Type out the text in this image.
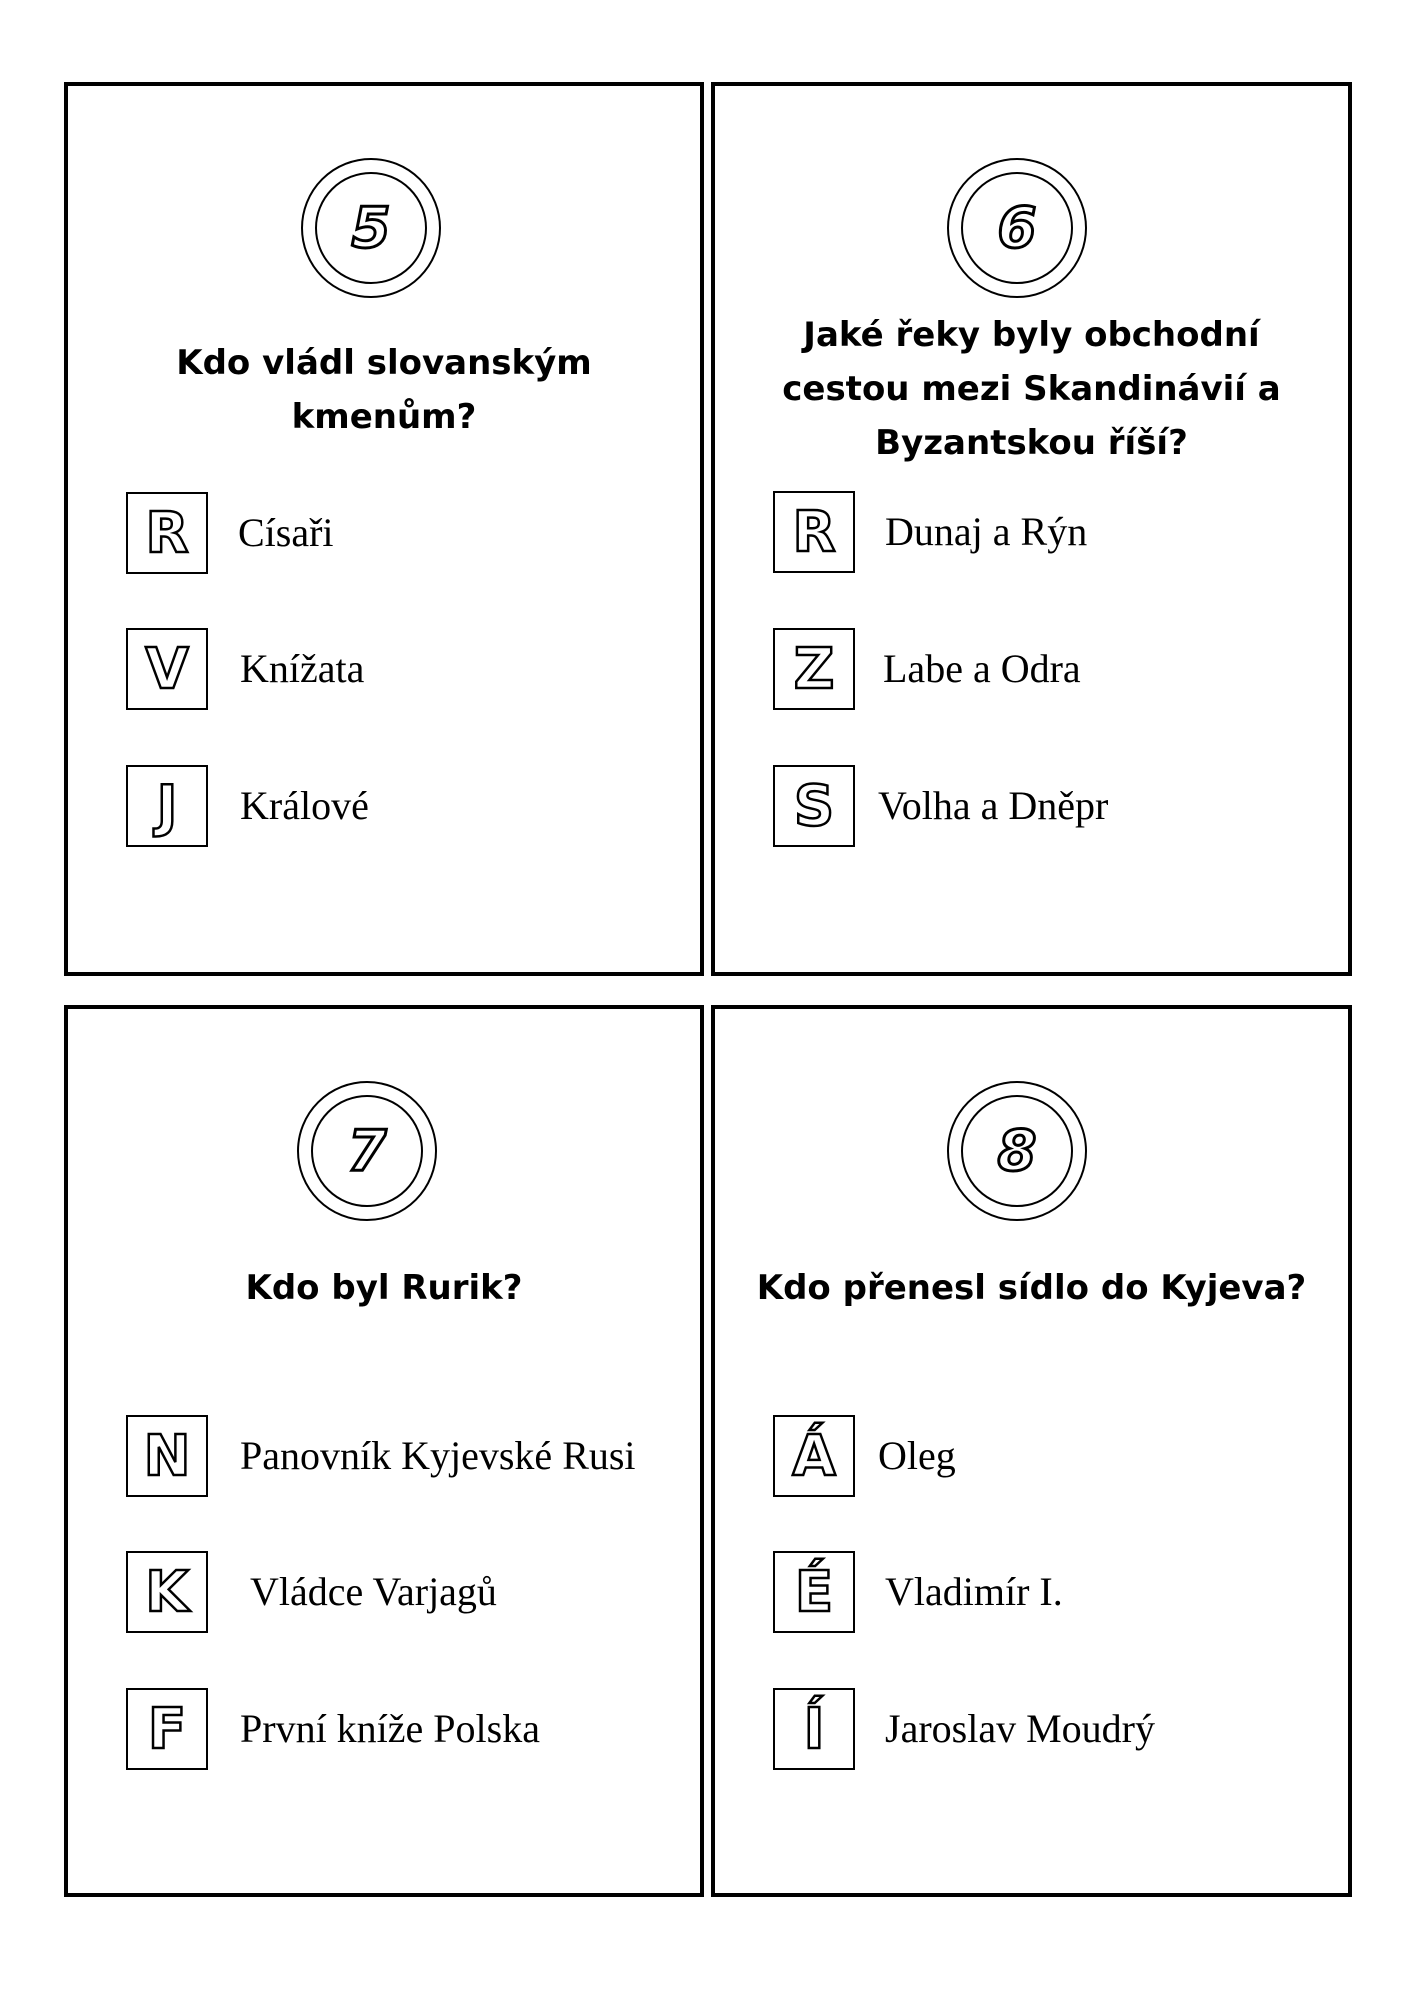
5
Kdo vládl slovanským kmenům?
R	Císaři
V	Knížata
J	Králové
6
Jaké řeky byly obchodní cestou mezi Skandinávií a Byzantskou říší?
R	Dunaj a Rýn
Z	Labe a Odra
S	Volha a Dněpr
7
Kdo byl Rurik?
N	Panovník Kyjevské Rusi
K	Vládce Varjagů
F	První kníže Polska
8
Kdo přenesl sídlo do Kyjeva?
Á	Oleg
É	Vladimír I.
Í	Jaroslav Moudrý
